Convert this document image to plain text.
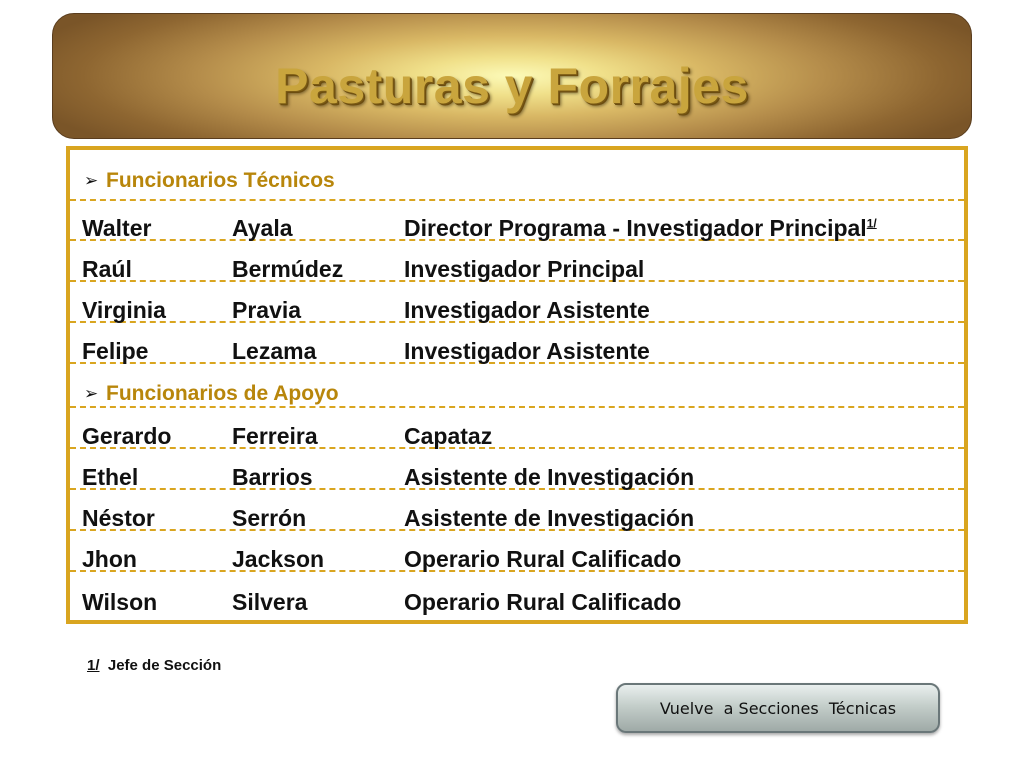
Pasturas y Forrajes
➢ Funcionarios Técnicos
Walter	Ayala	Director Programa - Investigador Principal$^{1/}$
Raúl	Bermúdez	Investigador Principal
Virginia	Pravia	Investigador Asistente
Felipe	Lezama	Investigador Asistente
➢ Funcionarios de Apoyo
Gerardo	Ferreira	Capataz
Ethel	Barrios	Asistente de Investigación
Néstor	Serrón	Asistente de Investigación
Jhon	Jackson	Operario Rural Calificado
Wilson	Silvera	Operario Rural Calificado
1/ Jefe de Sección
Vuelve  a Secciones  Técnicas
